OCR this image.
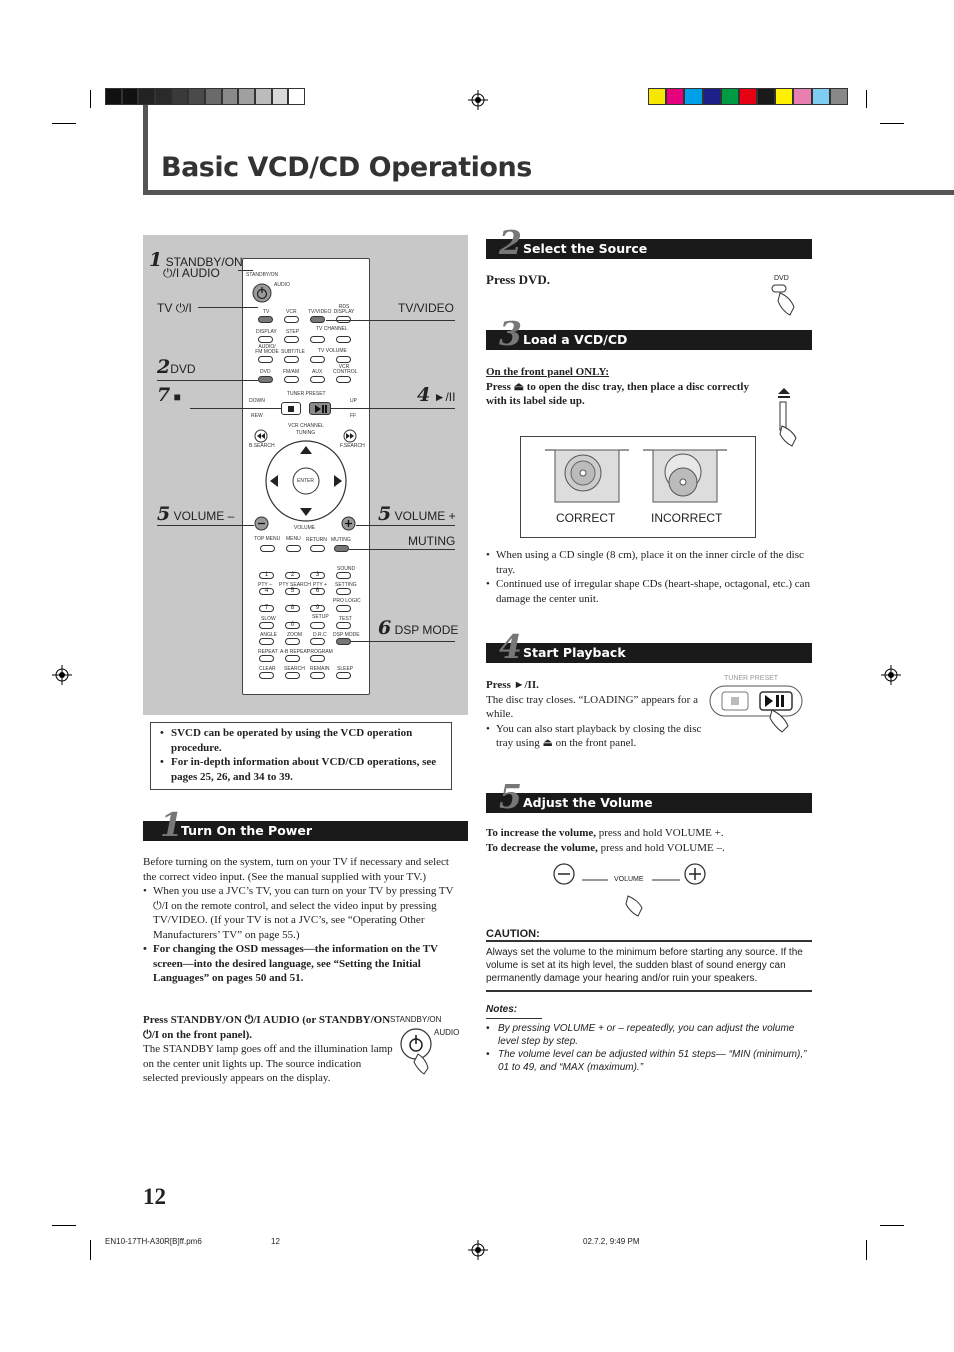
Basic VCD/CD Operations
STANDBY/ON
AUDIO
TV	VCR TV/VIDEO
RDS DISPLAY
DISPLAY STEP	TV CHANNEL
AUDIO/ FM MODE SUBTITLE	TV VOLUME
DVD FM/AM	AUX
VCR CONTROL
TUNER PRESET
DOWN	UP
REW	FF
VCR CHANNEL
TUNING
B.SEARCH	F.SEARCH
ENTER
VOLUME
TOP MENU MENU RETURN MUTING
SOUND
1	2	3
PTY – PTY SEARCH PTY + SETTING
4	5	6
PRO LOGIC
7	8	9
SLOW	SETUP TEST
0
ANGLE ZOOM D.R.C DSP MODE
REPEAT A-B REPEAT
PROGRAM
CLEAR SEARCH REMAIN SLEEP
1 STANDBY/ON
⏻/I AUDIO
TV ⏻/I	TV/VIDEO
2DVD
7 ■	4 ►/II
5 VOLUME –	5 VOLUME +
MUTING
6 DSP MODE
• SVCD can be operated by using the VCD operation procedure.
• For in-depth information about VCD/CD operations, see pages 25, 26, and 34 to 39.
1
Turn On the Power
Before turning on the system, turn on your TV if necessary and select the correct video input. (See the manual supplied with your TV.)
• When you use a JVC’s TV, you can turn on your TV by pressing TV ⏻/I on the remote control, and select the video input by pressing TV/VIDEO. (If your TV is not a JVC’s, see “Operating Other Manufacturers’ TV” on page 55.)
• For changing the OSD messages—the information on the TV screen—into the desired language, see “Setting the Initial Languages” on pages 50 and 51.
Press STANDBY/ON ⏻/I AUDIO (or STANDBY/ON ⏻/I on the front panel).
The STANDBY lamp goes off and the illumination lamp on the center unit lights up. The source indication selected previously appears on the display.
STANDBY/ON
AUDIO
2 Select the Source
Press DVD.	DVD
3 Load a VCD/CD
On the front panel ONLY:
Press ⏏ to open the disc tray, then place a disc correctly with its label side up.
CORRECT	INCORRECT
• When using a CD single (8 cm), place it on the inner circle of the disc tray.
• Continued use of irregular shape CDs (heart-shape, octagonal, etc.) can damage the center unit.
4 Start Playback
Press ►/II.
The disc tray closes. “LOADING” appears for a while.
• You can also start playback by closing the disc tray using ⏏ on the front panel.
TUNER PRESET
5 Adjust the Volume
To increase the volume, press and hold VOLUME +.
To decrease the volume, press and hold VOLUME –.
VOLUME
CAUTION:
Always set the volume to the minimum before starting any source. If the volume is set at its high level, the sudden blast of sound energy can permanently damage your hearing and/or ruin your speakers.
Notes:
• By pressing VOLUME + or – repeatedly, you can adjust the volume level step by step.
• The volume level can be adjusted within 51 steps— “MIN (minimum),” 01 to 49, and “MAX (maximum).”
12
EN10-17TH-A30R[B]ff.pm6	12	02.7.2, 9:49 PM
